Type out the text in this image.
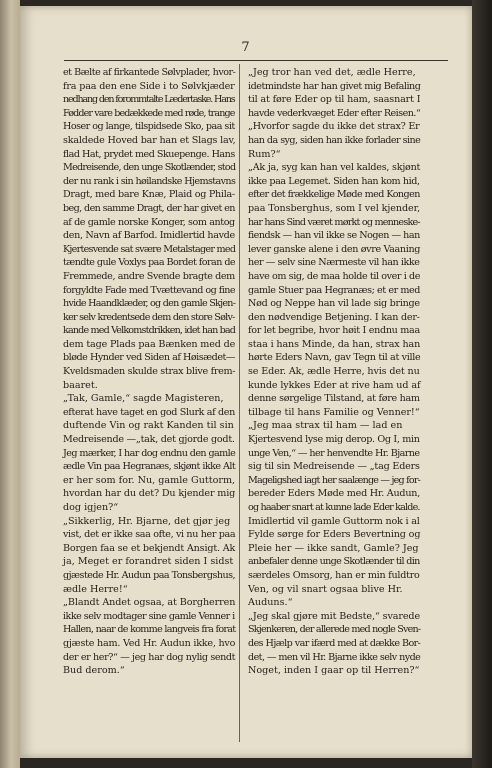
7
et Bælte af firkantede Sølvplader, hvor-
fra paa den ene Side i to Sølvkjæder
nedhang den forommtalte Lædertaske. Hans
Fødder vare bedækkede med røde, trange
Hoser og lange, tilspidsede Sko, paa sit
skaldede Hoved bar han et Slags lav,
flad Hat, prydet med Skuepenge. Hans
Medreisende, den unge Skotlænder, stod
der nu rank i sin høilandske Hjemstavns
Dragt, med bare Knæ, Plaid og Phila-
beg, den samme Dragt, der har givet en
af de gamle norske Konger, som antog
den, Navn af Barfod. Imidlertid havde
Kjertesvende sat svære Metalstager med
tændte gule Voxlys paa Bordet foran de
Fremmede, andre Svende bragte dem
forgyldte Fade med Tvættevand og fine
hvide Haandklæder, og den gamle Skjen-
ker selv kredentsede dem den store Sølv-
kande med Velkomstdrikken, idet han bad
dem tage Plads paa Bænken med de
bløde Hynder ved Siden af Høisædet—
Kveldsmaden skulde strax blive frem-
baaret.
„Tak, Gamle,“ sagde Magisteren,
efterat have taget en god Slurk af den
duftende Vin og rakt Kanden til sin
Medreisende —„tak, det gjorde godt.
Jeg mærker, I har dog endnu den gamle
ædle Vin paa Hegranæs, skjønt ikke Alt
er her som for. Nu, gamle Guttorm,
hvordan har du det? Du kjender mig
dog igjen?“
„Sikkerlig, Hr. Bjarne, det gjør jeg
vist, det er ikke saa ofte, vi nu her paa
Borgen faa se et bekjendt Ansigt. Ak
ja, Meget er forandret siden I sidst
gjæstede Hr. Audun paa Tonsbergshus,
ædle Herre!“
„Blandt Andet ogsaa, at Borgherren
ikke selv modtager sine gamle Venner i
Hallen, naar de komme langveis fra forat
gjæste ham. Ved Hr. Audun ikke, hvo
der er her?“ — jeg har dog nylig sendt
Bud derom.“
„Jeg tror han ved det, ædle Herre,
idetmindste har han givet mig Befaling
til at føre Eder op til ham, saasnart I
havde vederkvæget Eder efter Reisen.“
„Hvorfor sagde du ikke det strax? Er
han da syg, siden han ikke forlader sine
Rum?“
„Ak ja, syg kan han vel kaldes, skjønt
ikke paa Legemet. Siden han kom hid,
efter det frækkelige Møde med Kongen
paa Tonsberghus, som I vel kjender,
har hans Sind været mørkt og menneske-
fiendsk — han vil ikke se Nogen — han
lever ganske alene i den øvre Vaaning
her — selv sine Nærmeste vil han ikke
have om sig, de maa holde til over i de
gamle Stuer paa Hegranæs; et er med
Nød og Neppe han vil lade sig bringe
den nødvendige Betjening. I kan der-
for let begribe, hvor høit I endnu maa
staa i hans Minde, da han, strax han
hørte Eders Navn, gav Tegn til at ville
se Eder. Ak, ædle Herre, hvis det nu
kunde lykkes Eder at rive ham ud af
denne sørgelige Tilstand, at føre ham
tilbage til hans Familie og Venner!“
„Jeg maa strax til ham — lad en
Kjertesvend lyse mig derop. Og I, min
unge Ven,“ — her henvendte Hr. Bjarne
sig til sin Medreisende — „tag Eders
Mageligshed iagt her saalænge — jeg for-
bereder Eders Møde med Hr. Audun,
og haaber snart at kunne lade Eder kalde.
Imidlertid vil gamle Guttorm nok i al
Fylde sørge for Eders Bevertning og
Pleie her — ikke sandt, Gamle? Jeg
anbefaler denne unge Skotlænder til din
særdeles Omsorg, han er min fuldtro
Ven, og vil snart ogsaa blive Hr.
Auduns.“
„Jeg skal gjøre mit Bedste,“ svarede
Skjenkeren, der allerede med nogle Sven-
des Hjælp var ifærd med at dække Bor-
det, — men vil Hr. Bjarne ikke selv nyde
Noget, inden I gaar op til Herren?“
